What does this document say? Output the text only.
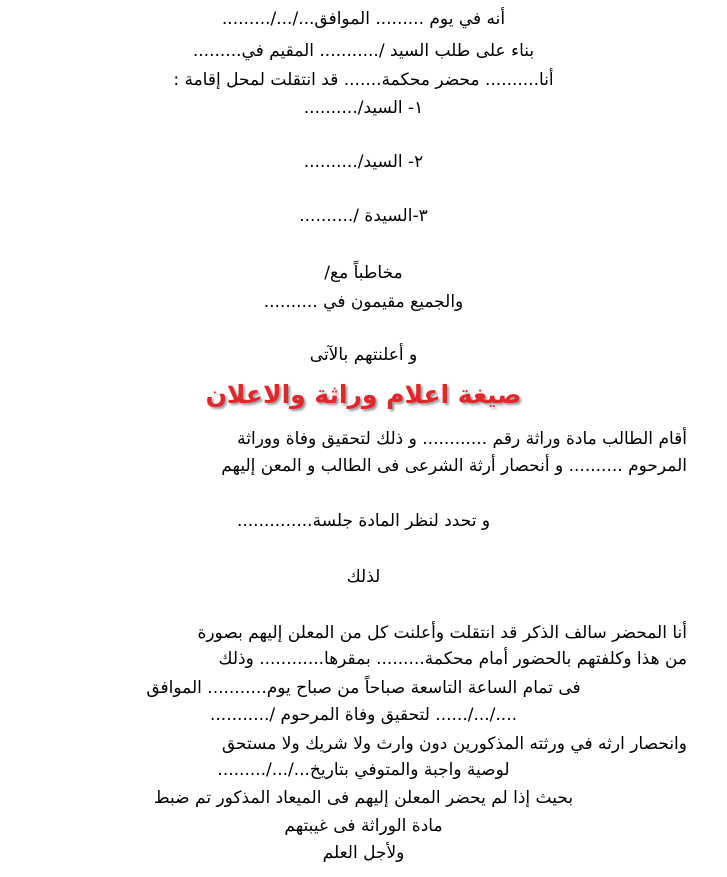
أنه في يوم ......... الموافق.../.../.........
بناء على طلب السيد /........... المقيم في.........
أنا.......... محضر محكمة....... قد انتقلت لمحل إقامة :
١- السيد/..........
٢- السيد/..........
٣-السيدة /..........
مخاطباً مع/
والجميع مقيمون في ..........
و أعلنتهم بالآتى
صيغة اعلام وراثة والاعلان
أقام الطالب مادة وراثة رقم ............ و ذلك لتحقيق وفاة ووراثة
المرحوم .......... و أنحصار أرثة الشرعى فى الطالب و المعن إليهم
و تحدد لنظر المادة جلسة..............
لذلك
أنا المحضر سالف الذكر قد انتقلت وأعلنت كل من المعلن إليهم بصورة
من هذا وكلفتهم بالحضور أمام محكمة......... بمقرها............ وذلك
فى تمام الساعة التاسعة صباحاً من صباح يوم........... الموافق
..../.../...... لتحقيق وفاة المرحوم /...........
وانحصار ارثه في ورثته المذكورين دون وارث ولا شريك ولا مستحق
لوصية واجبة والمتوفي بتاريخ.../.../.........
بحيث إذا لم يحضر المعلن إليهم فى الميعاد المذكور تم ضبط
مادة الوراثة فى غيبتهم
ولأجل العلم
